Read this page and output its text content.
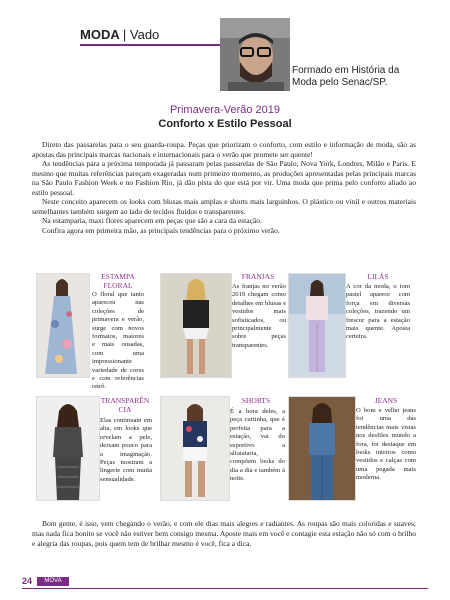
MODA | Vado
Formado em História da Moda pelo Senac/SP.
Primavera-Verão 2019
Conforto x Estilo Pessoal

Direto das passarelas para o seu guarda-roupa. Peças que priorizam o conforto, com estilo e informação de moda, são as apostas das principais marcas nacionais e internacionais para o verão que promete ser quente!

As tendências para a próxima temporada já passaram pelas passarelas de São Paulo, Nova York, Londres, Milão e Paris. E mesmo que muitas referências pareçam exageradas num primeiro momento, as produções apresentadas pelas principais marcas na São Paulo Fashion Week e no Fashion Rio, já dão pista do que está por vir. Uma moda que prima pelo conforto aliado ao estilo pessoal.

Neste conceito aparecem os looks com blusas mais amplas e shorts mais larguinhos. O plástico ou vinil e outros materiais semelhantes também surgem ao lado de tecidos fluidos e transparentes.

Na estamparia, maxi flores aparecem em peças que são a cara da estação.

Confira agora em primeira mão, as principais tendências para o próximo verão.

ESTAMPA FLORAL
O floral que tanto apareceu nas coleções de primavera e verão, surge com novos formatos, maiores e mais ousadas, com uma impressionante variedade de cores e com referências retrô.
FRANJAS
As franjas no verão 2019 chegam como detalhes em blusas e vestidos mais sofisticados, ou principalmente sobre peças transparentes.
LILÁS
A cor da moda, o tom pastel aparece com força em diversas coleções, trazendo um frescor para a estação mais quente. Aposta certeira.
TRANSPARÊNCIA
Elas continuam em alta, em looks que revelam a pele, deixam pouco para a imaginação. Peças mostram a lingerie com muita sensualidade.
SHORTS
É a hora deles, a peça curtinha, que é perfeita para a estação, vai do esportivo a alfaiataria, compõem looks do dia a dia e também à noite.
JEANS
O bom e velho jeans foi uma das tendências mais vistas nos desfiles mundo a fora, foi destaque em looks inteiros como vestidos e calças com uma pegada mais moderna.

Bom gente, é isso, vem chegando o verão, e com ele dias mais alegres e radiantes. As roupas são mais coloridas e suaves; mas nada fica bonito se você não estiver bem consigo mesma. Aposte mais em você e contagie esta estação não só com o brilho e alegria das roupas, pois quem tem de brilhar mesmo é você, fica a dica.

24	MOVA
